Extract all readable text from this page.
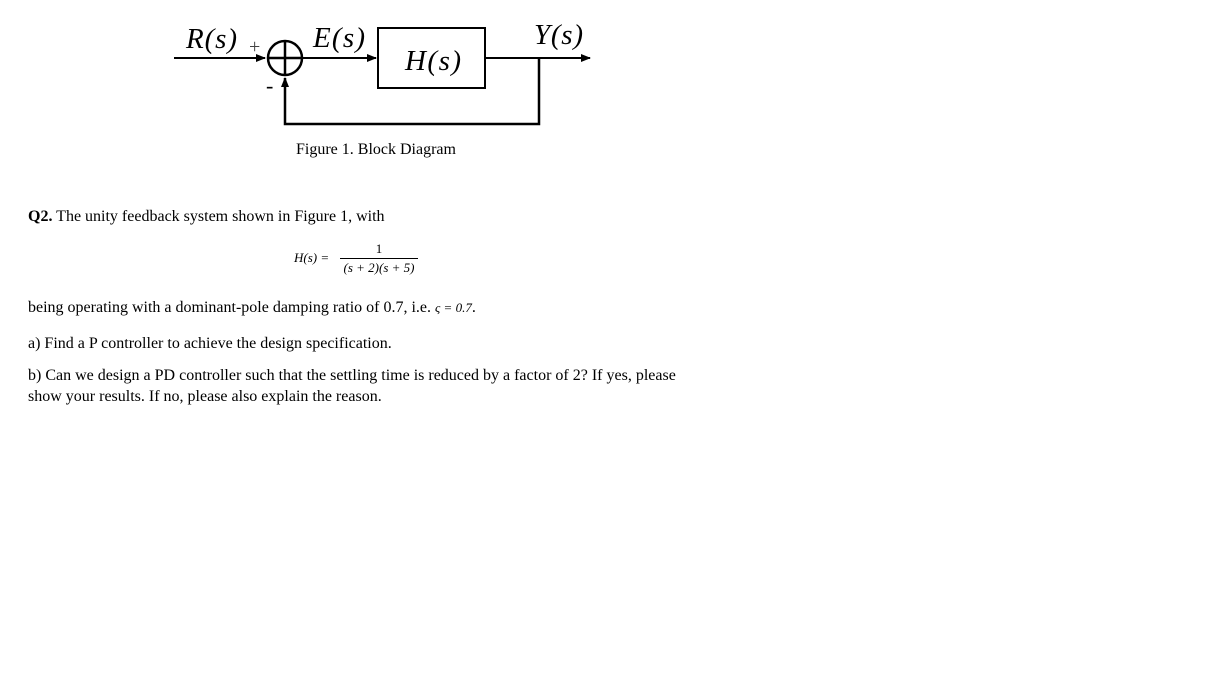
R(s) +
-
E(s)
H(s)
Y(s)
Figure 1. Block Diagram
Q2. The unity feedback system shown in Figure 1, with
H(s) =
1
(s + 2)(s + 5)
being operating with a dominant-pole damping ratio of 0.7, i.e. ς = 0.7.
a) Find a P controller to achieve the design specification.
b) Can we design a PD controller such that the settling time is reduced by a factor of 2? If yes, please
show your results. If no, please also explain the reason.
